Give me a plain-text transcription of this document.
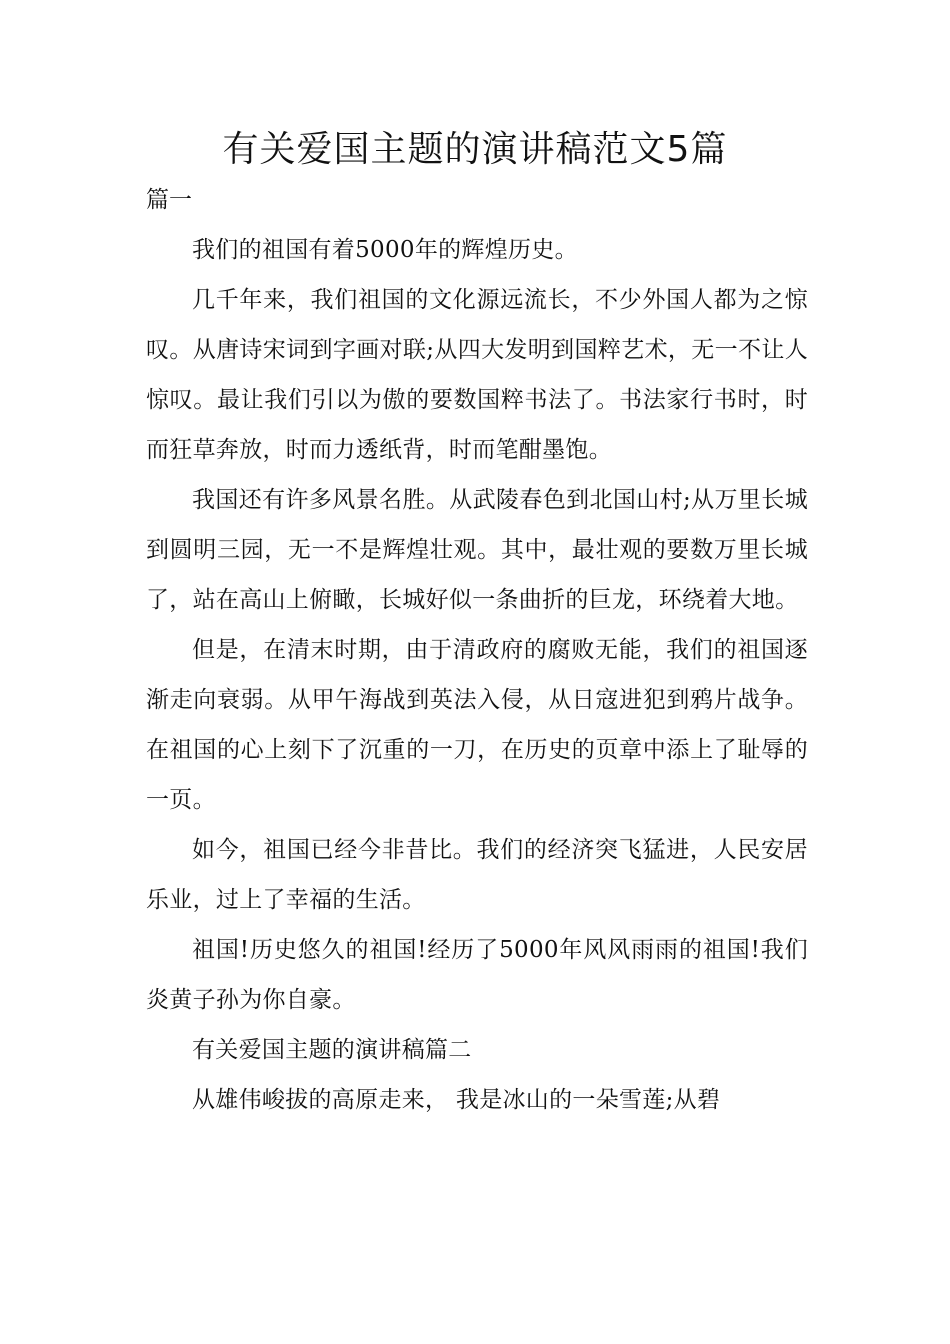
有关爱国主题的演讲稿范文5篇
篇一

我们的祖国有着5000年的辉煌历史。

几千年来，我们祖国的文化源远流长，不少外国人都为之惊叹。从唐诗宋词到字画对联;从四大发明到国粹艺术，无一不让人惊叹。最让我们引以为傲的要数国粹书法了。书法家行书时，时而狂草奔放，时而力透纸背，时而笔酣墨饱。

我国还有许多风景名胜。从武陵春色到北国山村;从万里长城到圆明三园，无一不是辉煌壮观。其中，最壮观的要数万里长城了，站在高山上俯瞰，长城好似一条曲折的巨龙，环绕着大地。

但是，在清末时期，由于清政府的腐败无能，我们的祖国逐渐走向衰弱。从甲午海战到英法入侵，从日寇进犯到鸦片战争。在祖国的心上刻下了沉重的一刀，在历史的页章中添上了耻辱的一页。

如今，祖国已经今非昔比。我们的经济突飞猛进，人民安居乐业，过上了幸福的生活。

祖国!历史悠久的祖国!经历了5000年风风雨雨的祖国!我们炎黄子孙为你自豪。

有关爱国主题的演讲稿篇二

从雄伟峻拔的高原走来， 我是冰山的一朵雪莲;从碧
